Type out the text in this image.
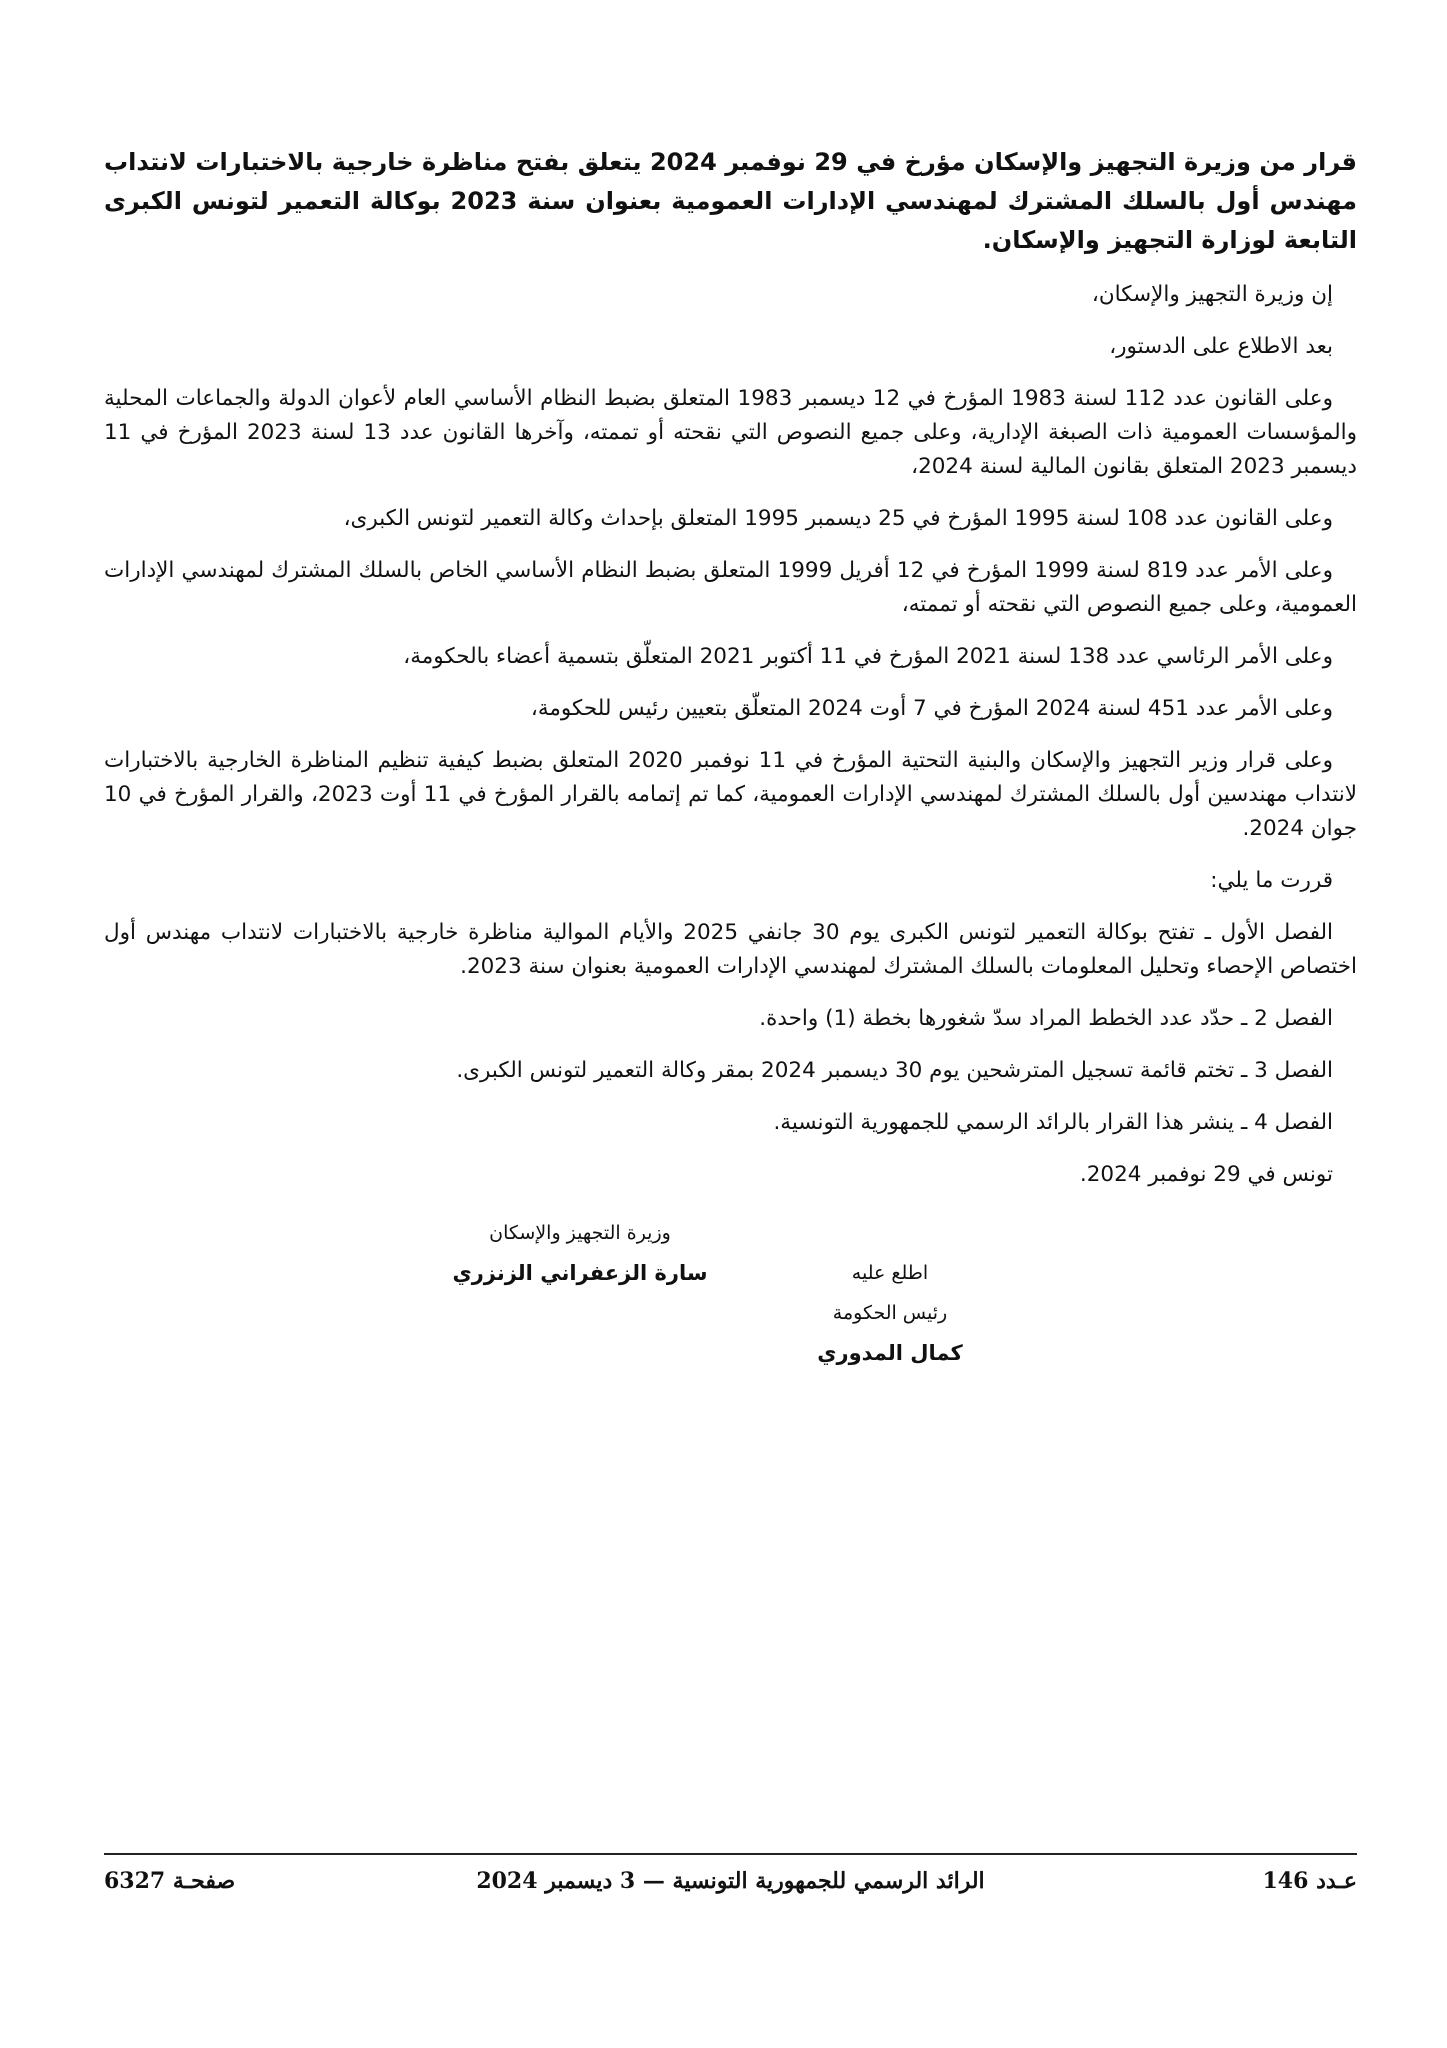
قرار من وزيرة التجهيز والإسكان مؤرخ في 29 نوفمبر 2024 يتعلق بفتح مناظرة خارجية بالاختبارات لانتداب مهندس أول بالسلك المشترك لمهندسي الإدارات العمومية بعنوان سنة 2023 بوكالة التعمير لتونس الكبرى التابعة لوزارة التجهيز والإسكان.

إن وزيرة التجهيز والإسكان،

بعد الاطلاع على الدستور،

وعلى القانون عدد 112 لسنة 1983 المؤرخ في 12 ديسمبر 1983 المتعلق بضبط النظام الأساسي العام لأعوان الدولة والجماعات المحلية والمؤسسات العمومية ذات الصبغة الإدارية، وعلى جميع النصوص التي نقحته أو تممته، وآخرها القانون عدد 13 لسنة 2023 المؤرخ في 11 ديسمبر 2023 المتعلق بقانون المالية لسنة 2024،

وعلى القانون عدد 108 لسنة 1995 المؤرخ في 25 ديسمبر 1995 المتعلق بإحداث وكالة التعمير لتونس الكبرى،

وعلى الأمر عدد 819 لسنة 1999 المؤرخ في 12 أفريل 1999 المتعلق بضبط النظام الأساسي الخاص بالسلك المشترك لمهندسي الإدارات العمومية، وعلى جميع النصوص التي نقحته أو تممته،

وعلى الأمر الرئاسي عدد 138 لسنة 2021 المؤرخ في 11 أكتوبر 2021 المتعلّق بتسمية أعضاء بالحكومة،

وعلى الأمر عدد 451 لسنة 2024 المؤرخ في 7 أوت 2024 المتعلّق بتعيين رئيس للحكومة،

وعلى قرار وزير التجهيز والإسكان والبنية التحتية المؤرخ في 11 نوفمبر 2020 المتعلق بضبط كيفية تنظيم المناظرة الخارجية بالاختبارات لانتداب مهندسين أول بالسلك المشترك لمهندسي الإدارات العمومية، كما تم إتمامه بالقرار المؤرخ في 11 أوت 2023، والقرار المؤرخ في 10 جوان 2024.

قررت ما يلي:

الفصل الأول ـ تفتح بوكالة التعمير لتونس الكبرى يوم 30 جانفي 2025 والأيام الموالية مناظرة خارجية بالاختبارات لانتداب مهندس أول اختصاص الإحصاء وتحليل المعلومات بالسلك المشترك لمهندسي الإدارات العمومية بعنوان سنة 2023.

الفصل 2 ـ حدّد عدد الخطط المراد سدّ شغورها بخطة (1) واحدة.

الفصل 3 ـ تختم قائمة تسجيل المترشحين يوم 30 ديسمبر 2024 بمقر وكالة التعمير لتونس الكبرى.

الفصل 4 ـ ينشر هذا القرار بالرائد الرسمي للجمهورية التونسية.

تونس في 29 نوفمبر 2024.

وزيرة التجهيز والإسكان

سارة الزعفراني الزنزري	اطلع عليه

رئيس الحكومة

كمال المدوري

عـدد 146
الرائد الرسمي للجمهورية التونسية — 3 ديسمبر 2024
صفحـة 6327
